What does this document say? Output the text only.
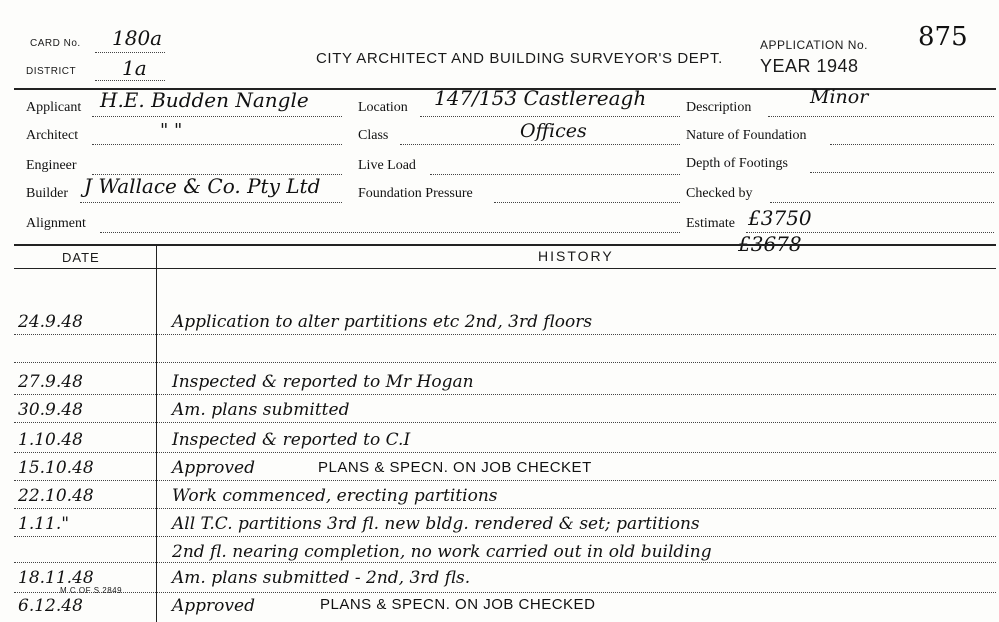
CARD No. 180a
DISTRICT 1a	CITY ARCHITECT AND BUILDING SURVEYOR'S DEPT.
APPLICATION No. 875
YEAR 1948
Applicant H.E. Budden Nangle
Architect	" "
Engineer
Builder J Wallace & Co. Pty Ltd
Alignment
Location 147/153 Castlereagh
Class	Offices
Live Load
Foundation Pressure
Description	Minor
Nature of Foundation
Depth of Footings
Checked by
Estimate £3750
£3678
DATE	HISTORY
24.9.48	Application to alter partitions etc 2nd, 3rd floors
27.9.48	Inspected & reported to Mr Hogan
30.9.48	Am. plans submitted
1.10.48	Inspected & reported to C.I
15.10.48	Approved	PLANS & SPECN. ON JOB CHECKET
22.10.48	Work commenced, erecting partitions
1.11."	All T.C. partitions 3rd fl. new bldg. rendered & set; partitions
2nd fl. nearing completion, no work carried out in old building
18.11.48	Am. plans submitted - 2nd, 3rd fls.
6.12.48	Approved	PLANS & SPECN. ON JOB CHECKED
M C OF S 2849
